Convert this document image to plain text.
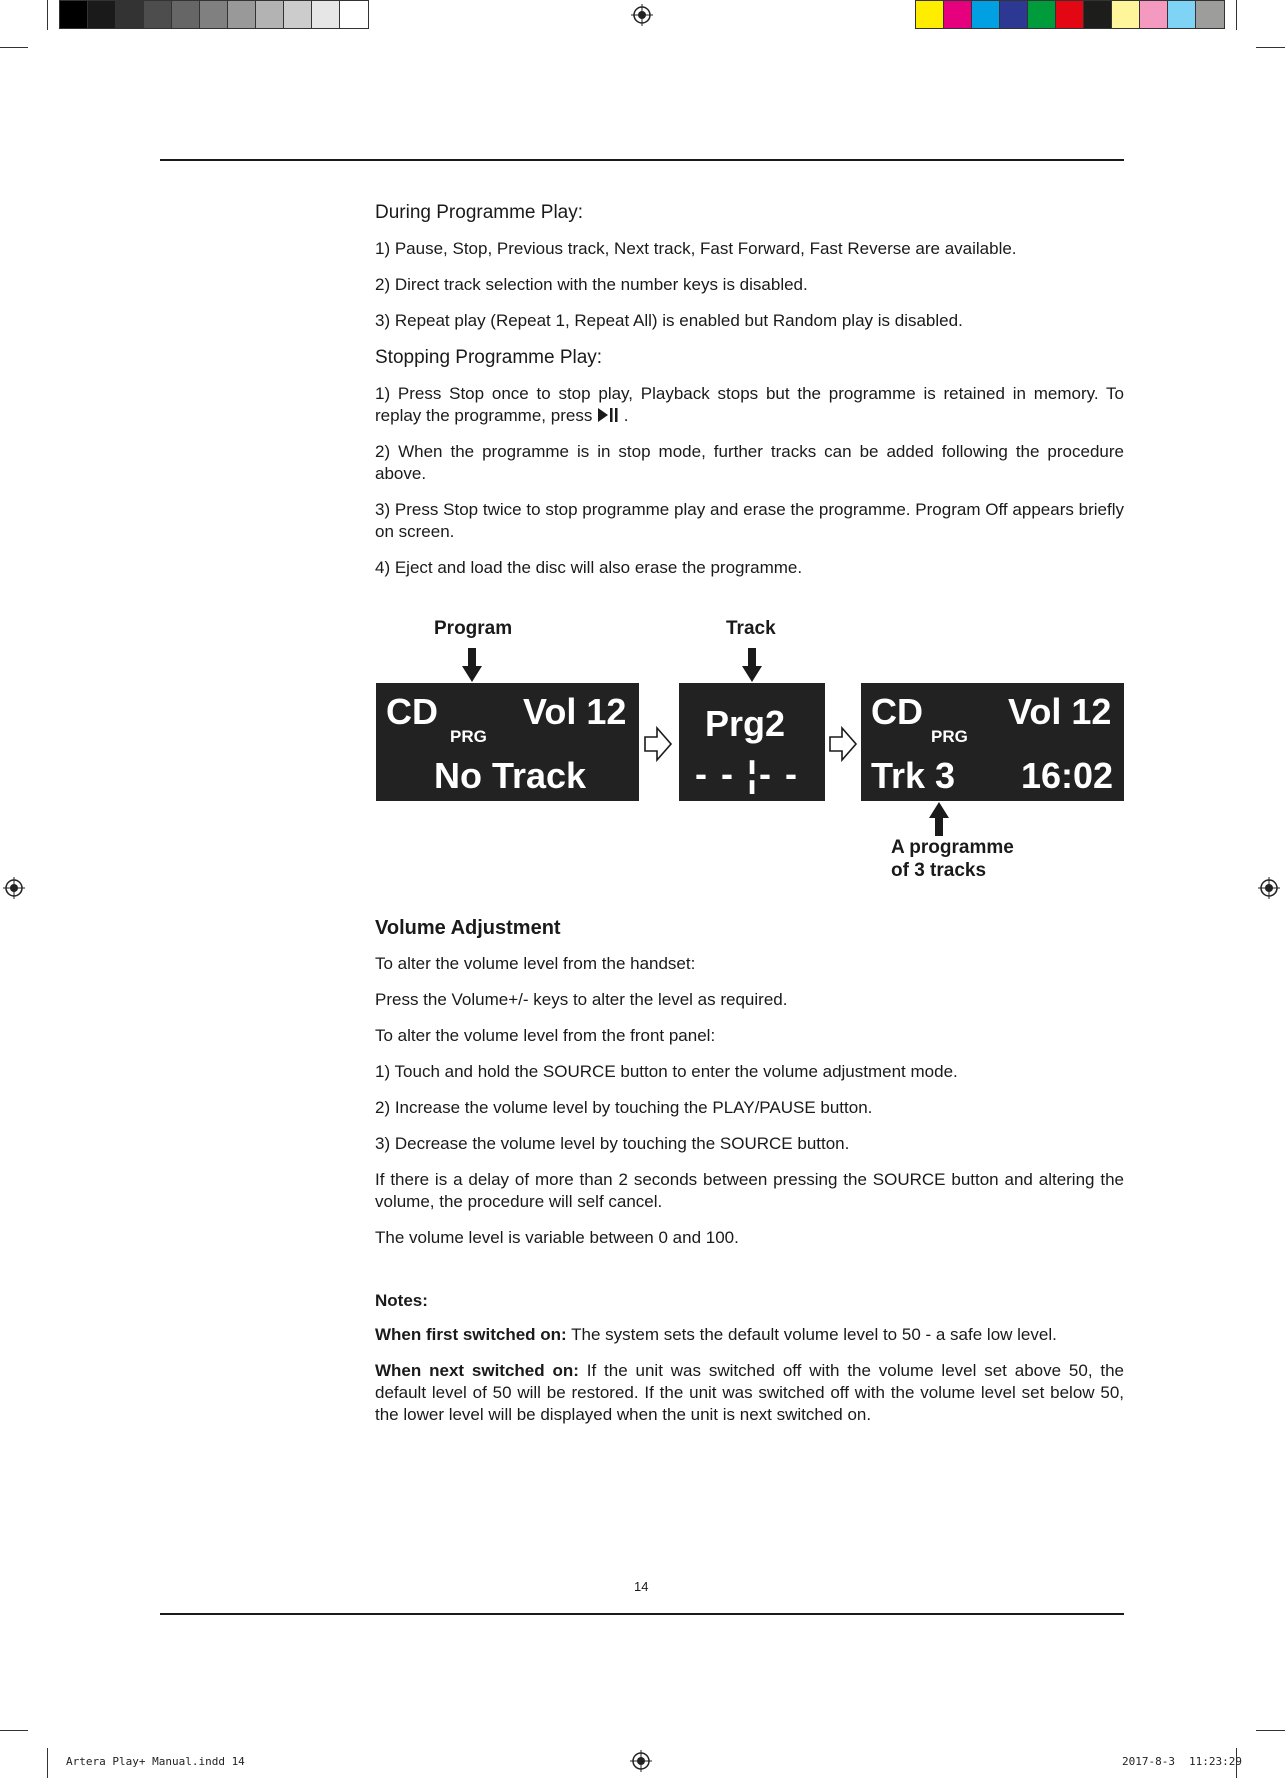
During Programme Play:
1) Pause, Stop, Previous track, Next track, Fast Forward, Fast Reverse are available.
2) Direct track selection with the number keys is disabled.
3) Repeat play (Repeat 1, Repeat All) is enabled but Random play is disabled.
Stopping Programme Play:
1) Press Stop once to stop play, Playback stops but the programme is retained in memory. To replay the programme, press  .
2) When the programme is in stop mode, further tracks can be added following the procedure above.
3) Press Stop twice to stop programme play and erase the programme. Program Off appears briefly on screen.
4) Eject and load the disc will also erase the programme.
Program	Track
CD Vol 12
PRG
No Track
Prg2
- - ¦- -
CD Vol 12
PRG
Trk 3 16:02
A programme
of 3 tracks
Volume Adjustment
To alter the volume level from the handset:
Press the Volume+/- keys to alter the level as required.
To alter the volume level from the front panel:
1) Touch and hold the SOURCE button to enter the volume adjustment mode.
2) Increase the volume level by touching the PLAY/PAUSE button.
3) Decrease the volume level by touching the SOURCE button.
If there is a delay of more than 2 seconds between pressing the SOURCE button and altering the volume, the procedure will self cancel.
The volume level is variable between 0 and 100.
Notes:
When first switched on: The system sets the default volume level to 50 - a safe low level.
When next switched on: If the unit was switched off with the volume level set above 50, the default level of 50 will be restored. If the unit was switched off with the volume level set below 50, the lower level will be displayed when the unit is next switched on.
14
Artera Play+ Manual.indd 14	2017-8-3 11:23:29
